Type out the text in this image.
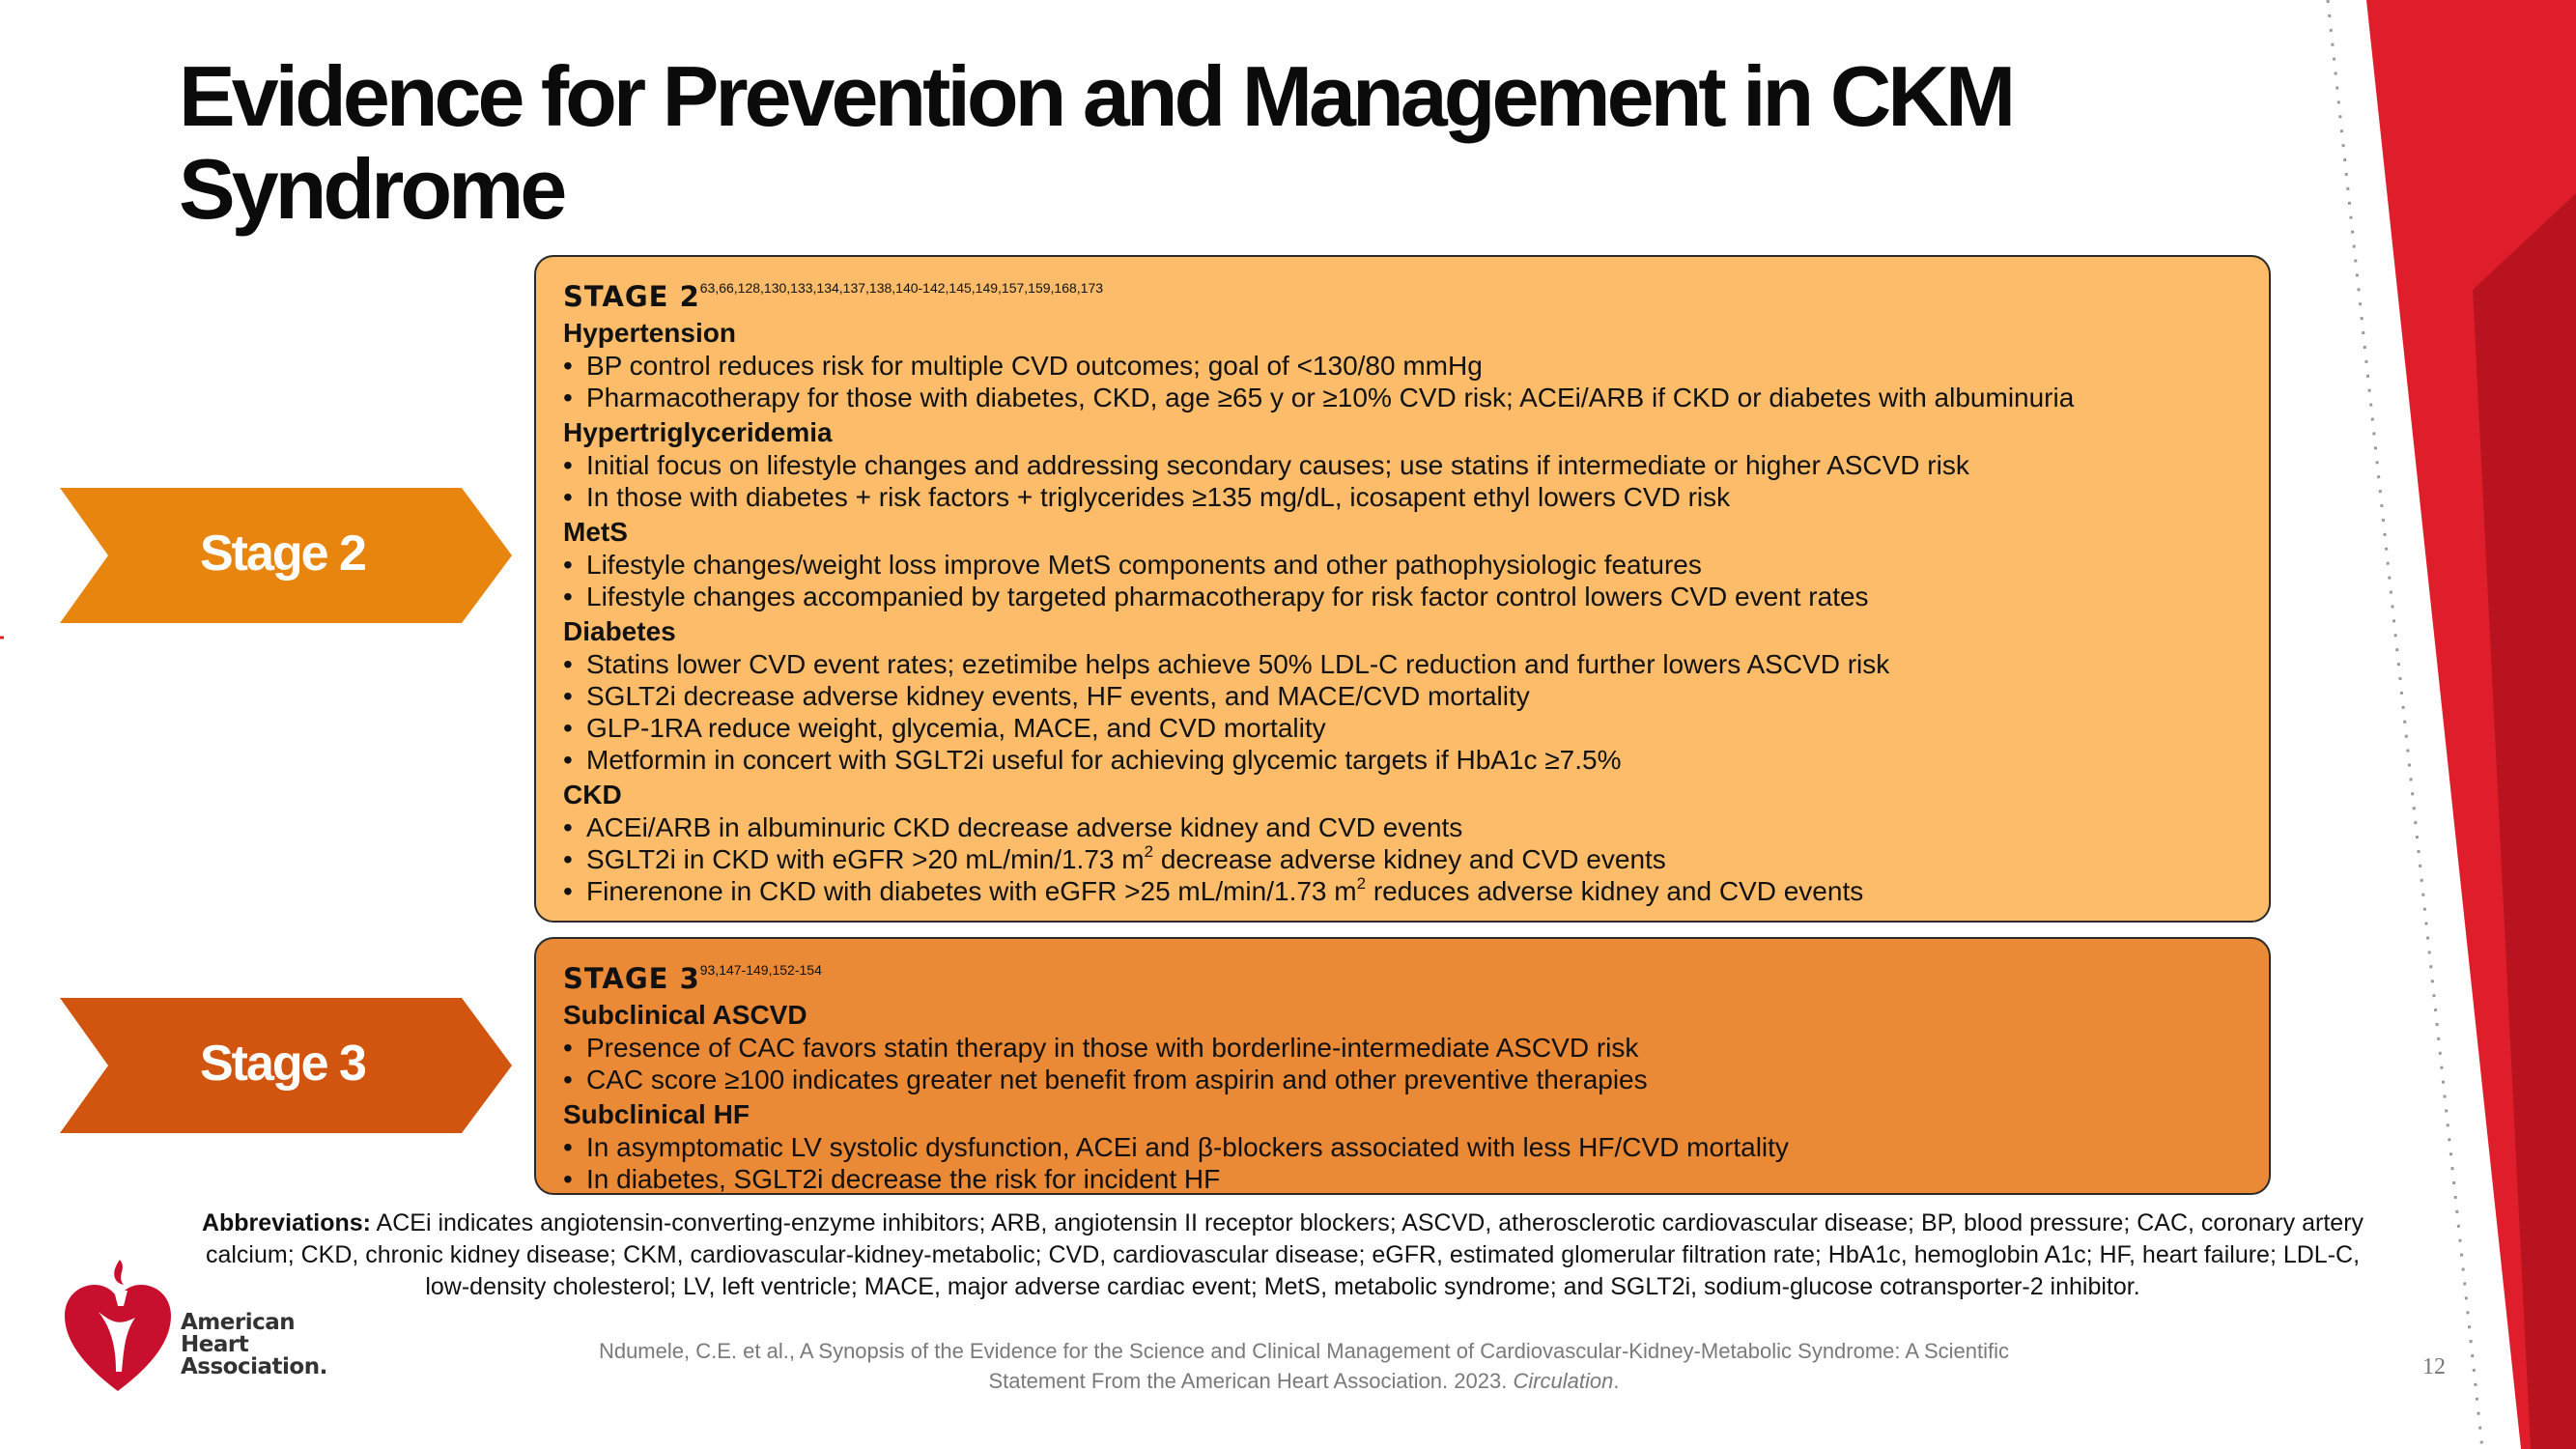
Evidence for Prevention and Management in CKM Syndrome
Stage 2
Stage 3
STAGE 2$^{63,66,128,130,133,134,137,138,140-142,145,149,157,159,168,173}$
Hypertension
• BP control reduces risk for multiple CVD outcomes; goal of <130/80 mmHg
• Pharmacotherapy for those with diabetes, CKD, age ≥65 y or ≥10% CVD risk; ACEi/ARB if CKD or diabetes with albuminuria
Hypertriglyceridemia
• Initial focus on lifestyle changes and addressing secondary causes; use statins if intermediate or higher ASCVD risk
• In those with diabetes + risk factors + triglycerides ≥135 mg/dL, icosapent ethyl lowers CVD risk
MetS
• Lifestyle changes/weight loss improve MetS components and other pathophysiologic features
• Lifestyle changes accompanied by targeted pharmacotherapy for risk factor control lowers CVD event rates
Diabetes
• Statins lower CVD event rates; ezetimibe helps achieve 50% LDL-C reduction and further lowers ASCVD risk
• SGLT2i decrease adverse kidney events, HF events, and MACE/CVD mortality
• GLP-1RA reduce weight, glycemia, MACE, and CVD mortality
• Metformin in concert with SGLT2i useful for achieving glycemic targets if HbA1c ≥7.5%
CKD
• ACEi/ARB in albuminuric CKD decrease adverse kidney and CVD events
• SGLT2i in CKD with eGFR >20 mL/min/1.73 $m^2$ decrease adverse kidney and CVD events
• Finerenone in CKD with diabetes with eGFR >25 mL/min/1.73 $m^2$ reduces adverse kidney and CVD events
STAGE 3$^{93,147-149,152-154}$
Subclinical ASCVD
• Presence of CAC favors statin therapy in those with borderline-intermediate ASCVD risk
• CAC score ≥100 indicates greater net benefit from aspirin and other preventive therapies
Subclinical HF
• In asymptomatic LV systolic dysfunction, ACEi and β-blockers associated with less HF/CVD mortality
• In diabetes, SGLT2i decrease the risk for incident HF
Abbreviations: ACEi indicates angiotensin-converting-enzyme inhibitors; ARB, angiotensin II receptor blockers; ASCVD, atherosclerotic cardiovascular disease; BP, blood pressure; CAC, coronary artery calcium; CKD, chronic kidney disease; CKM, cardiovascular-kidney-metabolic; CVD, cardiovascular disease; eGFR, estimated glomerular filtration rate; HbA1c, hemoglobin A1c; HF, heart failure; LDL-C, low-density cholesterol; LV, left ventricle; MACE, major adverse cardiac event; MetS, metabolic syndrome; and SGLT2i, sodium-glucose cotransporter-2 inhibitor.
American
Heart
Association.
Ndumele, C.E. et al., A Synopsis of the Evidence for the Science and Clinical Management of Cardiovascular-Kidney-Metabolic Syndrome: A Scientific Statement From the American Heart Association. 2023. Circulation.
12
